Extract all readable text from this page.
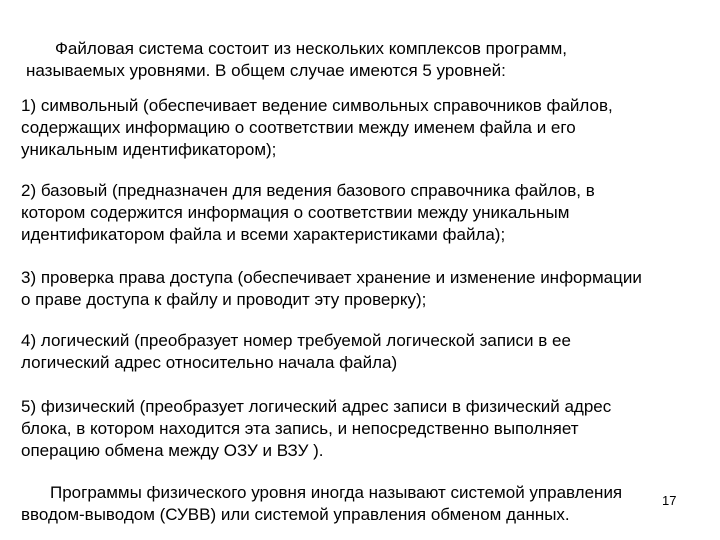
Файловая система состоит из нескольких комплексов программ,
называемых уровнями. В общем случае имеются 5 уровней:

1) символьный (обеспечивает ведение символьных справочников файлов,
содержащих информацию о соответствии между именем файла и его
уникальным идентификатором);

2) базовый (предназначен для ведения базового справочника файлов, в
котором содержится информация о соответствии между уникальным
идентификатором файла и всеми характеристиками файла);

3) проверка права доступа (обеспечивает хранение и изменение информации
о праве доступа к файлу и проводит эту проверку);

4) логический (преобразует номер требуемой логической записи в ее
логический адрес относительно начала файла)

5) физический (преобразует логический адрес записи в физический адрес
блока, в котором находится эта запись, и непосредственно выполняет
операцию обмена между ОЗУ и ВЗУ ).

Программы физического уровня иногда называют системой управления
вводом-выводом (СУВВ) или системой управления обменом данных.

17
